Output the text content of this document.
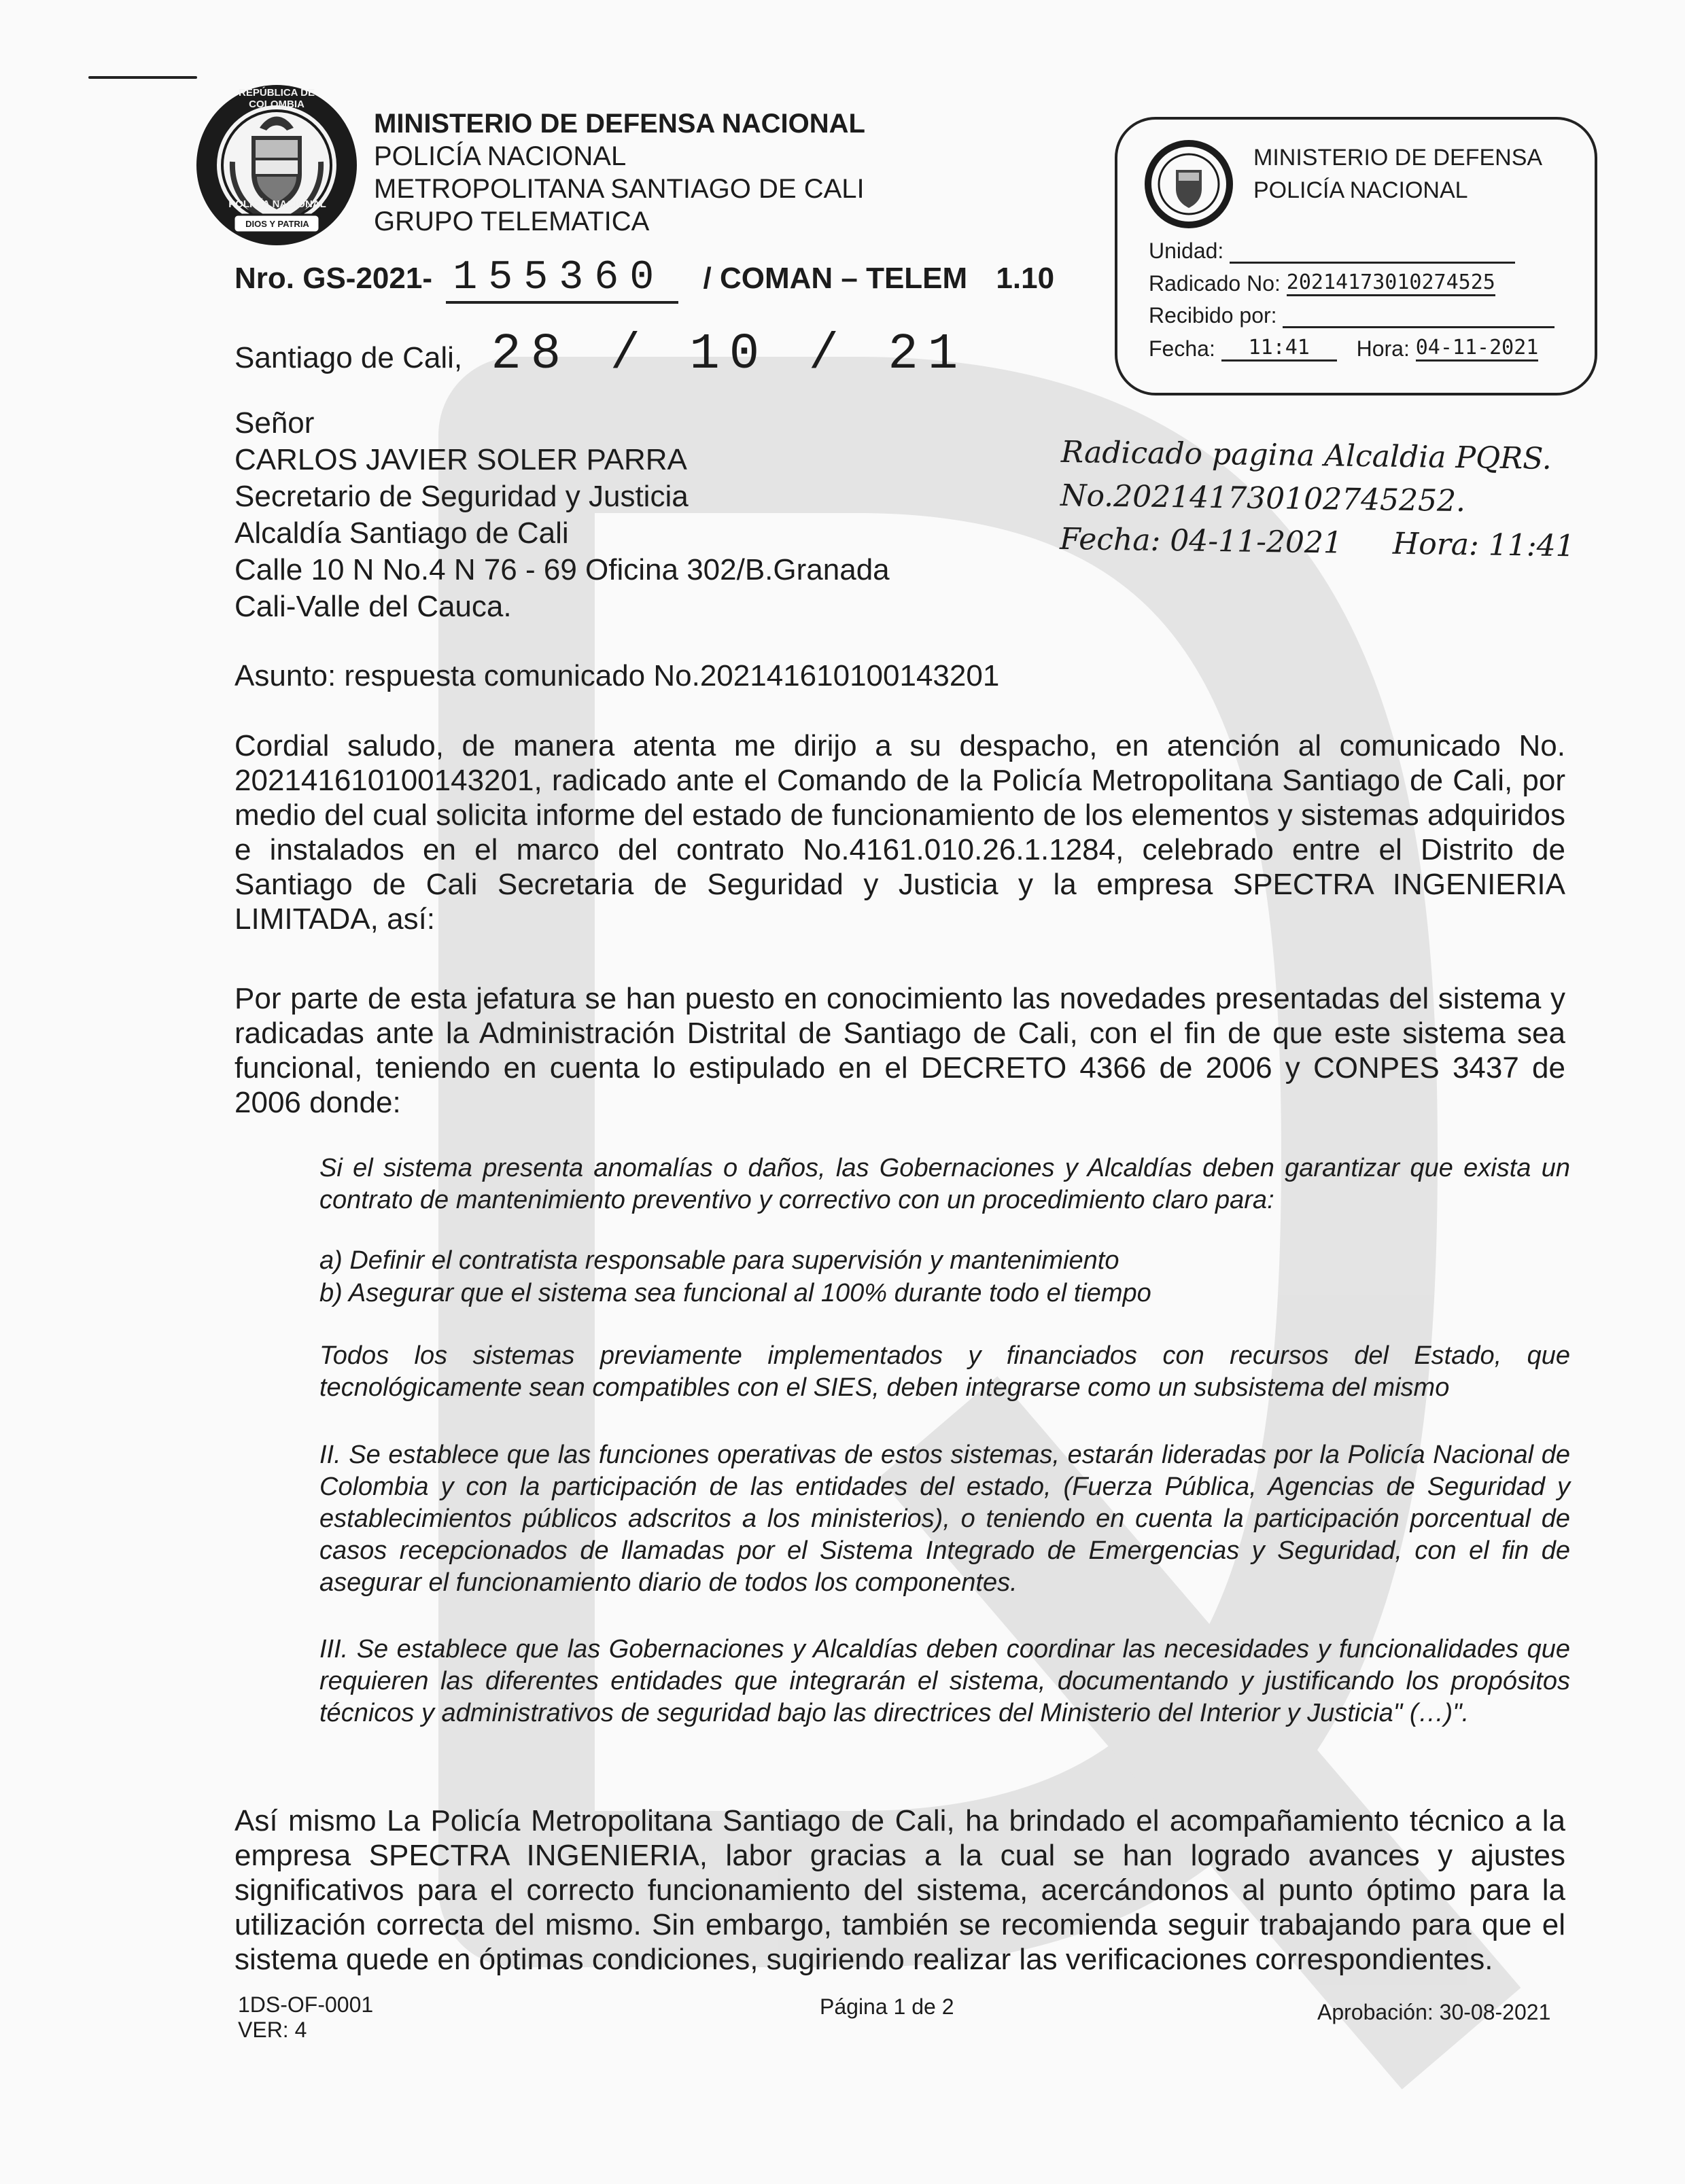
DIOS Y PATRIA
REPÚBLICA DE COLOMBIA
POLICÍA NACIONAL
MINISTERIO DE DEFENSA NACIONAL
POLICÍA NACIONAL
METROPOLITANA SANTIAGO DE CALI
GRUPO TELEMATICA
Nro. GS-2021- 155360 / COMAN – TELEM 1.10
Santiago de Cali, 28 / 10 / 21
MINISTERIO DE DEFENSA
POLICÍA NACIONAL
Unidad:
Radicado No: 20214173010274525
Recibido por:
Fecha: 11:41 Hora: 04-11-2021
Señor
CARLOS JAVIER SOLER PARRA
Secretario de Seguridad y Justicia
Alcaldía Santiago de Cali
Calle 10 N No.4 N 76 - 69 Oficina 302/B.Granada
Cali-Valle del Cauca.
Radicado pagina Alcaldia PQRS.
No.202141730102745252.
Fecha: 04-11-2021 Hora: 11:41
Asunto: respuesta comunicado No.202141610100143201
Cordial saludo, de manera atenta me dirijo a su despacho, en atención al comunicado No. 202141610100143201, radicado ante el Comando de la Policía Metropolitana Santiago de Cali, por medio del cual solicita informe del estado de funcionamiento de los elementos y sistemas adquiridos e instalados en el marco del contrato No.4161.010.26.1.1284, celebrado entre el Distrito de Santiago de Cali Secretaria de Seguridad y Justicia y la empresa SPECTRA INGENIERIA LIMITADA, así:
Por parte de esta jefatura se han puesto en conocimiento las novedades presentadas del sistema y radicadas ante la Administración Distrital de Santiago de Cali, con el fin de que este sistema sea funcional, teniendo en cuenta lo estipulado en el DECRETO 4366 de 2006 y CONPES 3437 de 2006 donde:
Si el sistema presenta anomalías o daños, las Gobernaciones y Alcaldías deben garantizar que exista un contrato de mantenimiento preventivo y correctivo con un procedimiento claro para:
a) Definir el contratista responsable para supervisión y mantenimiento
b) Asegurar que el sistema sea funcional al 100% durante todo el tiempo
Todos los sistemas previamente implementados y financiados con recursos del Estado, que tecnológicamente sean compatibles con el SIES, deben integrarse como un subsistema del mismo
II. Se establece que las funciones operativas de estos sistemas, estarán lideradas por la Policía Nacional de Colombia y con la participación de las entidades del estado, (Fuerza Pública, Agencias de Seguridad y establecimientos públicos adscritos a los ministerios), o teniendo en cuenta la participación porcentual de casos recepcionados de llamadas por el Sistema Integrado de Emergencias y Seguridad, con el fin de asegurar el funcionamiento diario de todos los componentes.
III. Se establece que las Gobernaciones y Alcaldías deben coordinar las necesidades y funcionalidades que requieren las diferentes entidades que integrarán el sistema, documentando y justificando los propósitos técnicos y administrativos de seguridad bajo las directrices del Ministerio del Interior y Justicia" (…)".
Así mismo La Policía Metropolitana Santiago de Cali, ha brindado el acompañamiento técnico a la empresa SPECTRA INGENIERIA, labor gracias a la cual se han logrado avances y ajustes significativos para el correcto funcionamiento del sistema, acercándonos al punto óptimo para la utilización correcta del mismo. Sin embargo, también se recomienda seguir trabajando para que el sistema quede en óptimas condiciones, sugiriendo realizar las verificaciones correspondientes.
1DS-OF-0001
VER: 4
Página 1 de 2	Aprobación: 30-08-2021
